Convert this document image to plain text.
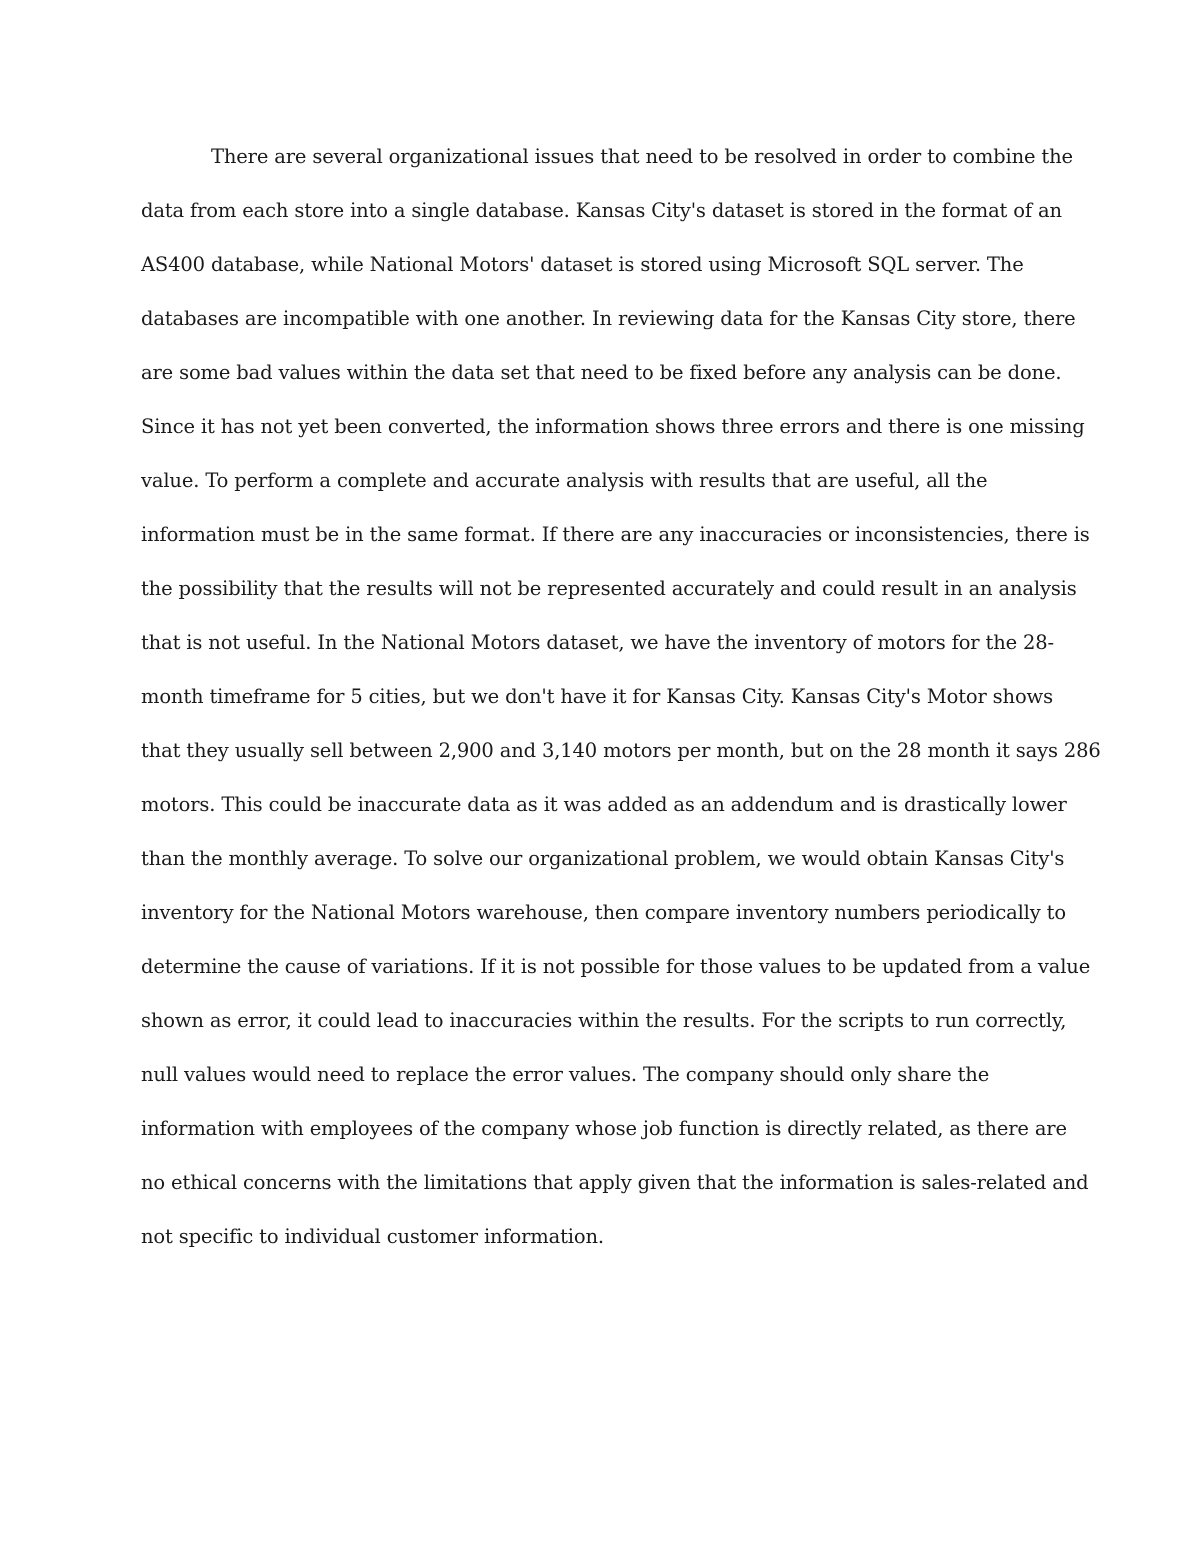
There are several organizational issues that need to be resolved in order to combine the
data from each store into a single database. Kansas City's dataset is stored in the format of an
AS400 database, while National Motors' dataset is stored using Microsoft SQL server. The
databases are incompatible with one another. In reviewing data for the Kansas City store, there
are some bad values within the data set that need to be fixed before any analysis can be done.
Since it has not yet been converted, the information shows three errors and there is one missing
value. To perform a complete and accurate analysis with results that are useful, all the
information must be in the same format. If there are any inaccuracies or inconsistencies, there is
the possibility that the results will not be represented accurately and could result in an analysis
that is not useful. In the National Motors dataset, we have the inventory of motors for the 28-
month timeframe for 5 cities, but we don't have it for Kansas City. Kansas City's Motor shows
that they usually sell between 2,900 and 3,140 motors per month, but on the 28 month it says 286
motors. This could be inaccurate data as it was added as an addendum and is drastically lower
than the monthly average. To solve our organizational problem, we would obtain Kansas City's
inventory for the National Motors warehouse, then compare inventory numbers periodically to
determine the cause of variations. If it is not possible for those values to be updated from a value
shown as error, it could lead to inaccuracies within the results. For the scripts to run correctly,
null values would need to replace the error values. The company should only share the
information with employees of the company whose job function is directly related, as there are
no ethical concerns with the limitations that apply given that the information is sales-related and
not specific to individual customer information.
